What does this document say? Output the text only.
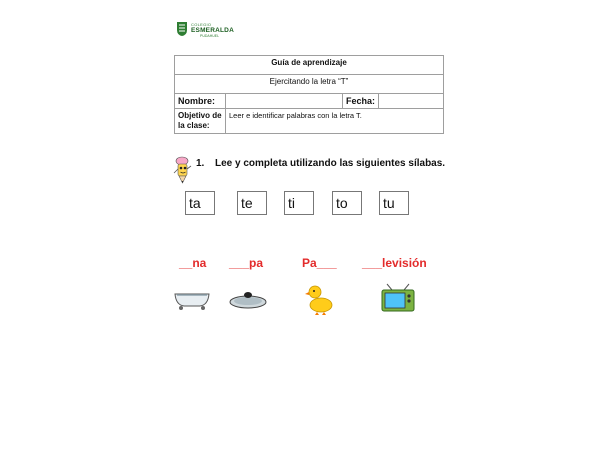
COLEGIO
ESMERALDA
PUDAHUEL
Guía de aprendizaje			
Ejercitando la letra “T”			
Nombre:		Fecha:	
Objetivo de
la clase:	Leer e identificar palabras con la letra T.		
1. Lee y completa utilizando las siguientes sílabas.
ta	te	ti	to	tu
__na ___pa	Pa___ ___levisión
